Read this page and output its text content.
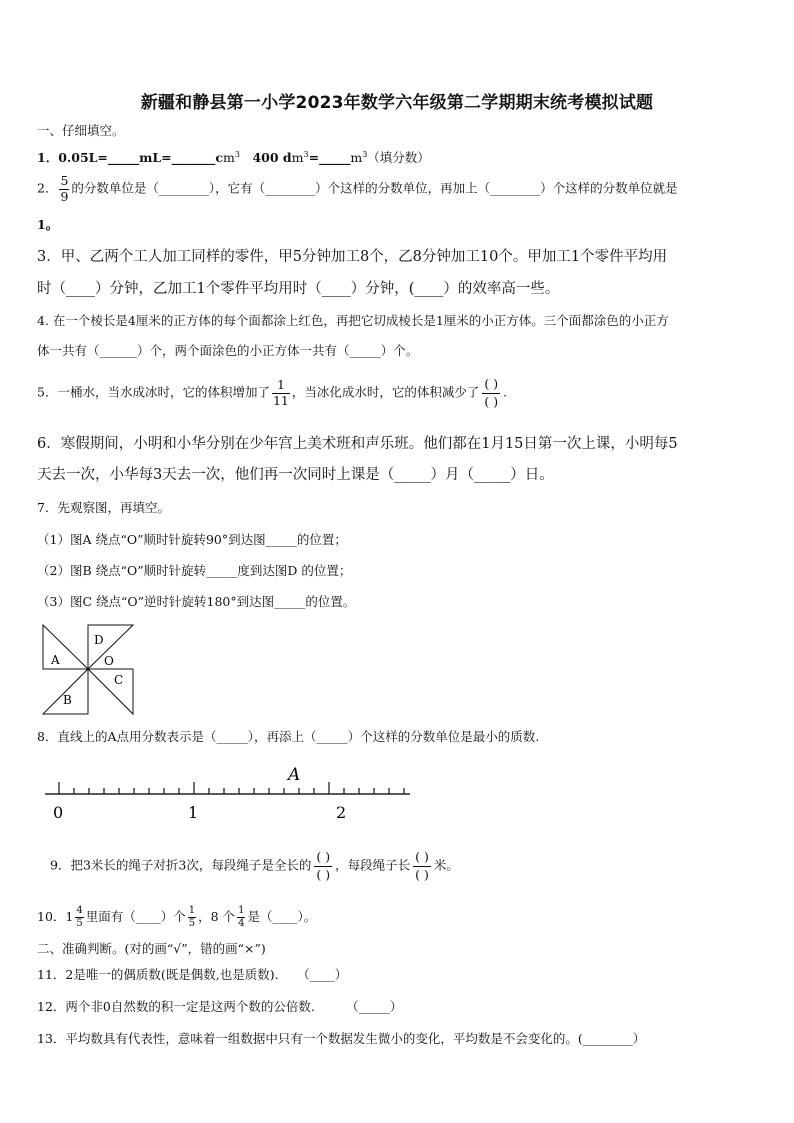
新疆和静县第一小学2023年数学六年级第二学期期末统考模拟试题
一、仔细填空。
1．$0.05L=\_\_\_\_\_mL=\_\_\_\_\_\_\_cm^3$　400 $dm^3=\_\_\_\_\_m^3$（填分数）
2． $\frac{5}{9}$ 的分数单位是（________），它有（________）个这样的分数单位，再加上（________）个这样的分数单位就是
1。
3．甲、乙两个工人加工同样的零件，甲5分钟加工8个，乙8分钟加工10个。甲加工1个零件平均用
时（____）分钟，乙加工1个零件平均用时（____）分钟，(____）的效率高一些。
4. 在一个棱长是4厘米的正方体的每个面都涂上红色，再把它切成棱长是1厘米的小正方体。三个面都涂色的小正方
体一共有（______）个，两个面涂色的小正方体一共有（_____）个。
5．一桶水，当水成冰时，它的体积增加了 $\frac{1}{11}$ ，当冰化成水时，它的体积减少了 $\frac{( )}{( )}$ .
6．寒假期间，小明和小华分别在少年宫上美术班和声乐班。他们都在1月15日第一次上课，小明每5
天去一次，小华每3天去一次，他们再一次同时上课是（_____）月（_____）日。
7．先观察图，再填空。
（1）图A 绕点“O”顺时针旋转90°到达图_____的位置；
（2）图B 绕点“O”顺时针旋转_____度到达图D 的位置；
（3）图C 绕点“O”逆时针旋转180°到达图_____的位置。
A
D
O
C
B
8．直线上的A点用分数表示是（_____），再添上（_____）个这样的分数单位是最小的质数.
A
0	1	2
9．把3米长的绳子对折3次，每段绳子是全长的 $\frac{( )}{( )}$ ，每段绳子长 $\frac{( )}{( )}$ 米。
10．$1 \frac{4}{5}$ 里面有（____）个 $\frac{1}{5}$ ，8 个 $\frac{1}{4}$ 是（____）。
二、准确判断。(对的画“√”，错的画“×”)
11．2是唯一的偶质数(既是偶数,也是质数).　　（____）
12．两个非0自然数的积一定是这两个数的公倍数.　　　（_____）
13．平均数具有代表性，意味着一组数据中只有一个数据发生微小的变化，平均数是不会变化的。(________）
